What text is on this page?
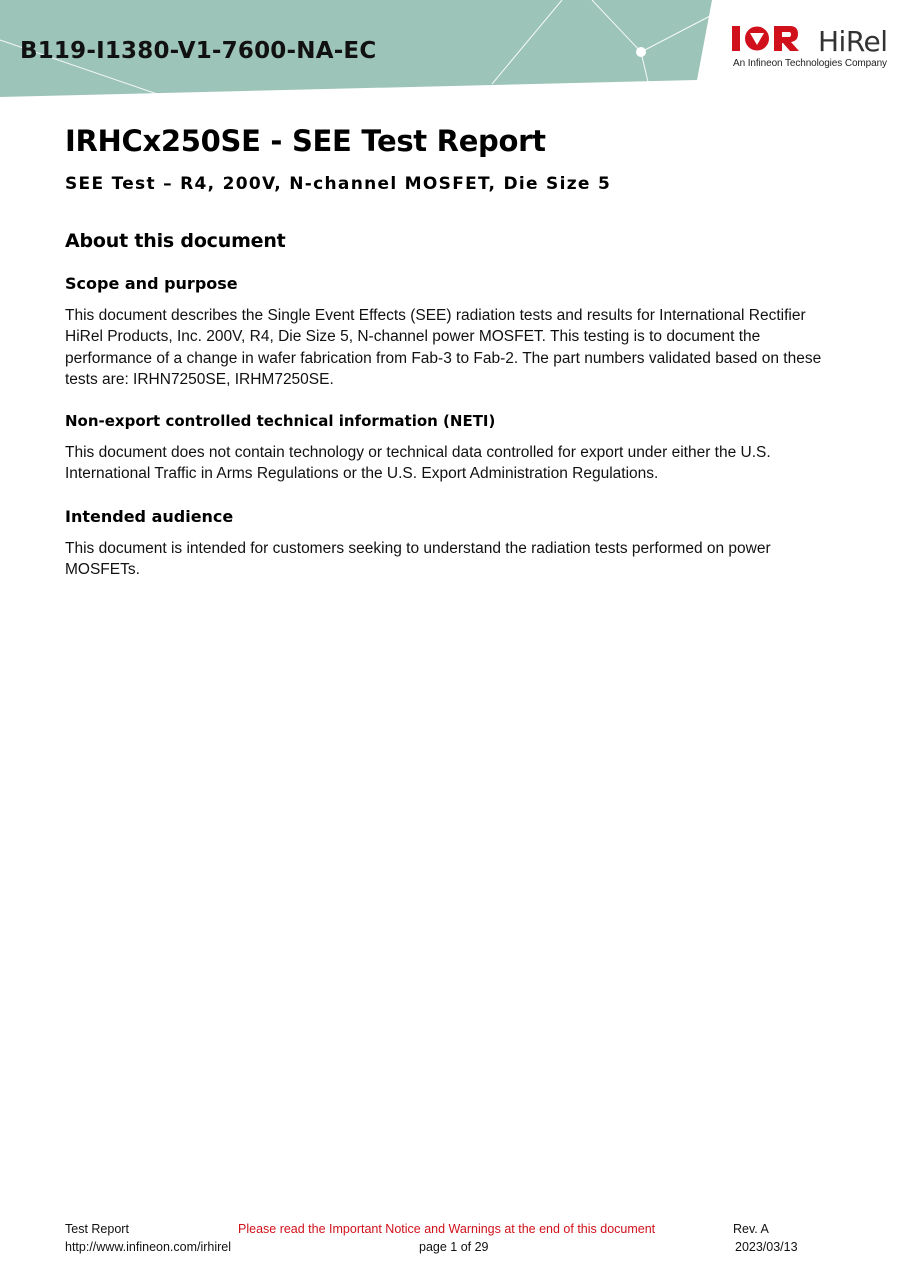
B119-I1380-V1-7600-NA-EC	HiRel
An Infineon Technologies Company
IRHCx250SE - SEE Test Report
SEE Test – R4, 200V, N-channel MOSFET, Die Size 5
About this document
Scope and purpose

This document describes the Single Event Effects (SEE) radiation tests and results for International Rectifier HiRel Products, Inc. 200V, R4, Die Size 5, N-channel power MOSFET. This testing is to document the performance of a change in wafer fabrication from Fab-3 to Fab-2. The part numbers validated based on these tests are: IRHN7250SE, IRHM7250SE.

Non-export controlled technical information (NETI)

This document does not contain technology or technical data controlled for export under either the U.S. International Traffic in Arms Regulations or the U.S. Export Administration Regulations.

Intended audience

This document is intended for customers seeking to understand the radiation tests performed on power MOSFETs.

Test Report
http://www.infineon.com/irhirel
Please read the Important Notice and Warnings at the end of this document
page 1 of 29
Rev. A
2023/03/13
